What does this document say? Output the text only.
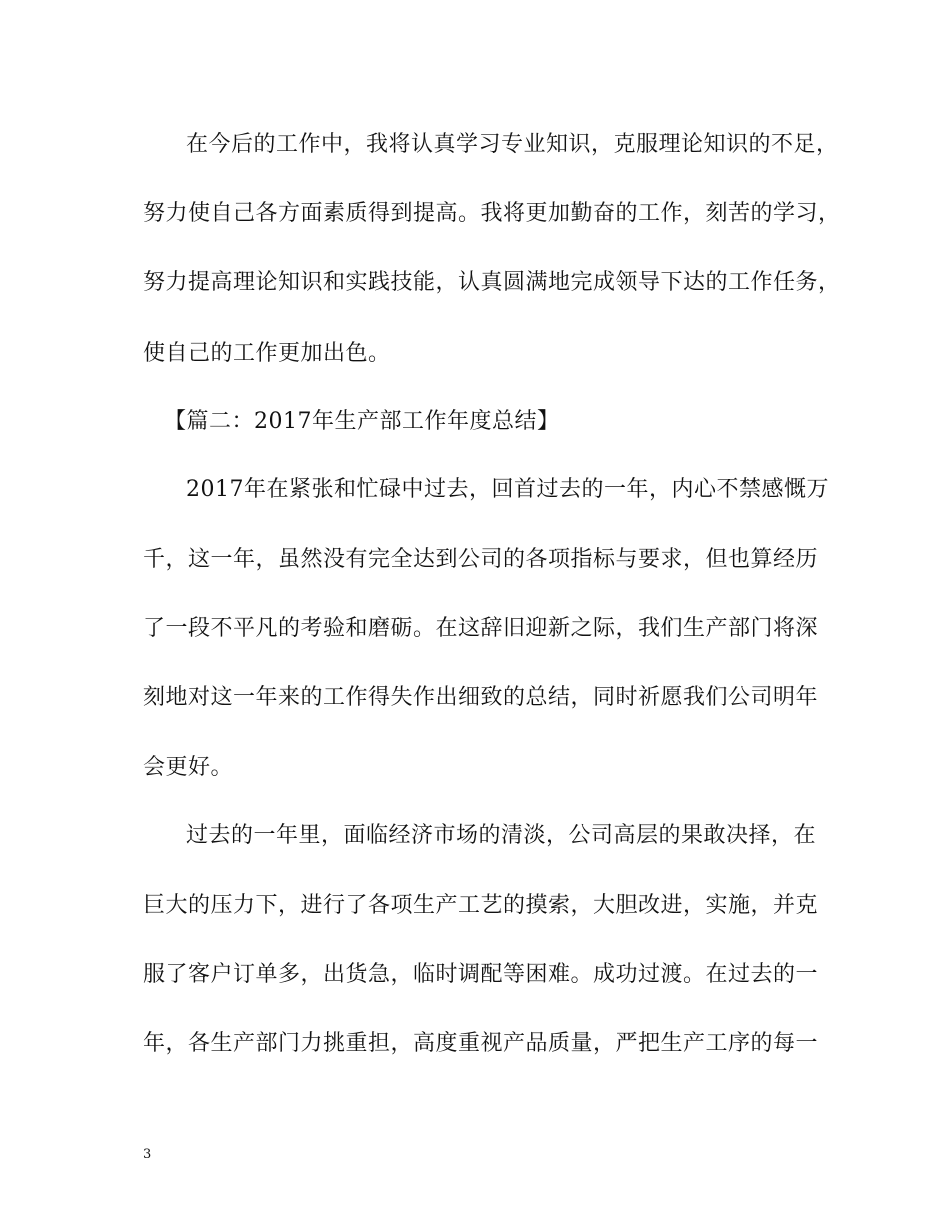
在今后的工作中，我将认真学习专业知识，克服理论知识的不足，
努力使自己各方面素质得到提高。我将更加勤奋的工作，刻苦的学习，
努力提高理论知识和实践技能，认真圆满地完成领导下达的工作任务，
使自己的工作更加出色。
【篇二：2017年生产部工作年度总结】
2017年在紧张和忙碌中过去，回首过去的一年，内心不禁感慨万
千，这一年，虽然没有完全达到公司的各项指标与要求，但也算经历
了一段不平凡的考验和磨砺。在这辞旧迎新之际，我们生产部门将深
刻地对这一年来的工作得失作出细致的总结，同时祈愿我们公司明年
会更好。
过去的一年里，面临经济市场的清淡，公司高层的果敢决择，在
巨大的压力下，进行了各项生产工艺的摸索，大胆改进，实施，并克
服了客户订单多，出货急，临时调配等困难。成功过渡。在过去的一
年，各生产部门力挑重担，高度重视产品质量，严把生产工序的每一
3
